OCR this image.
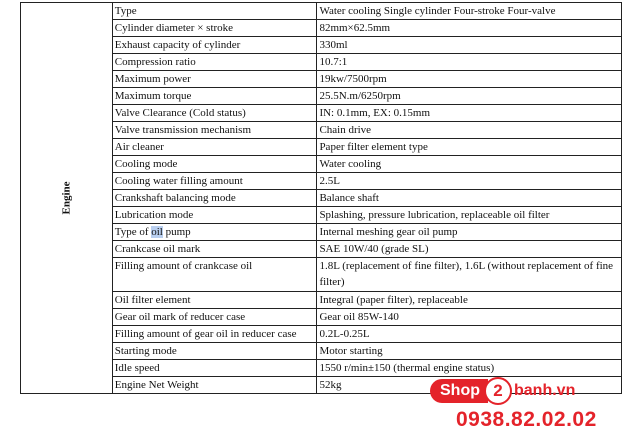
Engine	Type	Water cooling Single cylinder Four-stroke Four-valve
	Cylinder diameter × stroke	82mm×62.5mm
	Exhaust capacity of cylinder	330ml
	Compression ratio	10.7:1
	Maximum power	19kw/7500rpm
	Maximum torque	25.5N.m/6250rpm
	Valve Clearance (Cold status)	IN: 0.1mm, EX: 0.15mm
	Valve transmission mechanism	Chain drive
	Air cleaner	Paper filter element type
	Cooling mode	Water cooling
	Cooling water filling amount	2.5L
	Crankshaft balancing mode	Balance shaft
	Lubrication mode	Splashing, pressure lubrication, replaceable oil filter
	Type of oil pump	Internal meshing gear oil pump
	Crankcase oil mark	SAE 10W/40 (grade SL)
	Filling amount of crankcase oil	1.8L (replacement of fine filter), 1.6L (without replacement of fine filter)
	Oil filter element	Integral (paper filter), replaceable
	Gear oil mark of reducer case	Gear oil 85W-140
	Filling amount of gear oil in reducer case	0.2L-0.25L
	Starting mode	Motor starting
	Idle speed	1550 r/min±150 (thermal engine status)
	Engine Net Weight	52kg	Shop 2 banh.vn
0938.82.02.02
